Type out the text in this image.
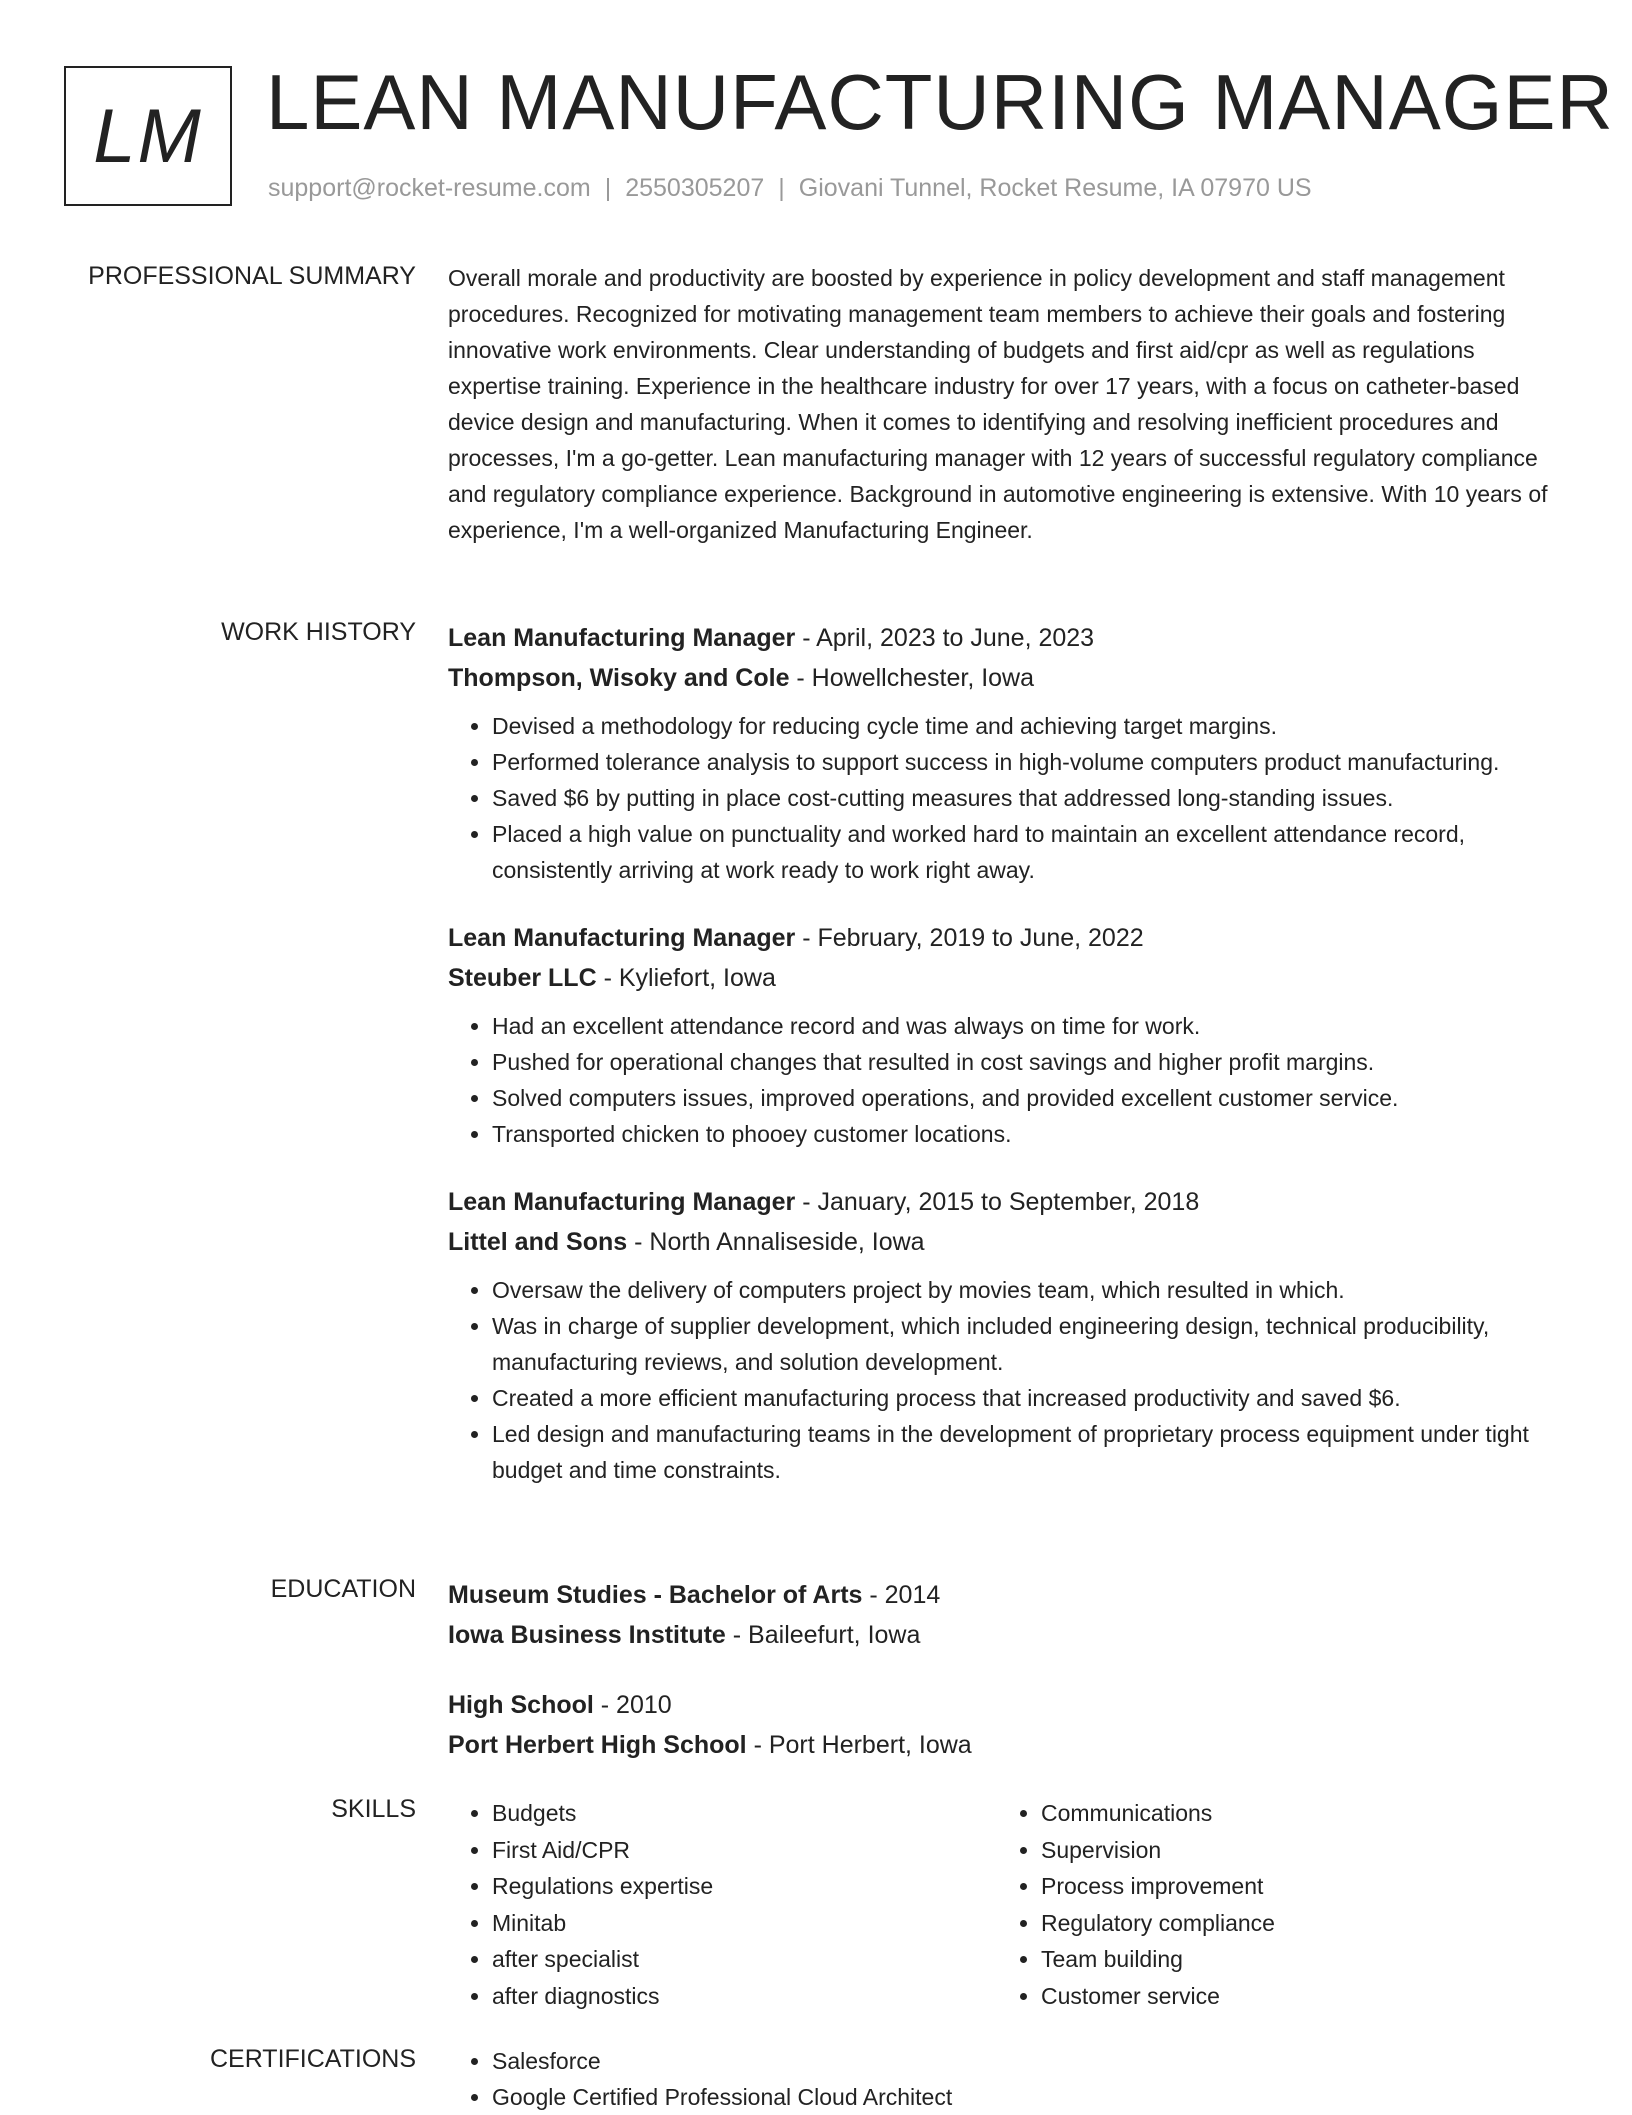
LM LEAN MANUFACTURING MANAGER
support@rocket-resume.com | 2550305207 | Giovani Tunnel, Rocket Resume, IA 07970 US
PROFESSIONAL SUMMARY Overall morale and productivity are boosted by experience in policy development and staff management procedures. Recognized for motivating management team members to achieve their goals and fostering innovative work environments. Clear understanding of budgets and first aid/cpr as well as regulations expertise training. Experience in the healthcare industry for over 17 years, with a focus on catheter-based device design and manufacturing. When it comes to identifying and resolving inefficient procedures and processes, I'm a go-getter. Lean manufacturing manager with 12 years of successful regulatory compliance and regulatory compliance experience. Background in automotive engineering is extensive. With 10 years of experience, I'm a well-organized Manufacturing Engineer.
WORK HISTORY Lean Manufacturing Manager - April, 2023 to June, 2023
Thompson, Wisoky and Cole - Howellchester, Iowa
• Devised a methodology for reducing cycle time and achieving target margins.
• Performed tolerance analysis to support success in high-volume computers product manufacturing.
• Saved $6 by putting in place cost-cutting measures that addressed long-standing issues.
• Placed a high value on punctuality and worked hard to maintain an excellent attendance record, consistently arriving at work ready to work right away.
Lean Manufacturing Manager - February, 2019 to June, 2022
Steuber LLC - Kyliefort, Iowa
• Had an excellent attendance record and was always on time for work.
• Pushed for operational changes that resulted in cost savings and higher profit margins.
• Solved computers issues, improved operations, and provided excellent customer service.
• Transported chicken to phooey customer locations.
Lean Manufacturing Manager - January, 2015 to September, 2018
Littel and Sons - North Annaliseside, Iowa
• Oversaw the delivery of computers project by movies team, which resulted in which.
• Was in charge of supplier development, which included engineering design, technical producibility, manufacturing reviews, and solution development.
• Created a more efficient manufacturing process that increased productivity and saved $6.
• Led design and manufacturing teams in the development of proprietary process equipment under tight budget and time constraints.
EDUCATION Museum Studies - Bachelor of Arts - 2014
Iowa Business Institute - Baileefurt, Iowa
High School - 2010
Port Herbert High School - Port Herbert, Iowa
SKILLS	• Budgets
• First Aid/CPR
• Regulations expertise
• Minitab
• after specialist
• after diagnostics
• Communications
• Supervision
• Process improvement
• Regulatory compliance
• Team building
• Customer service
CERTIFICATIONS	• Salesforce
• Google Certified Professional Cloud Architect
